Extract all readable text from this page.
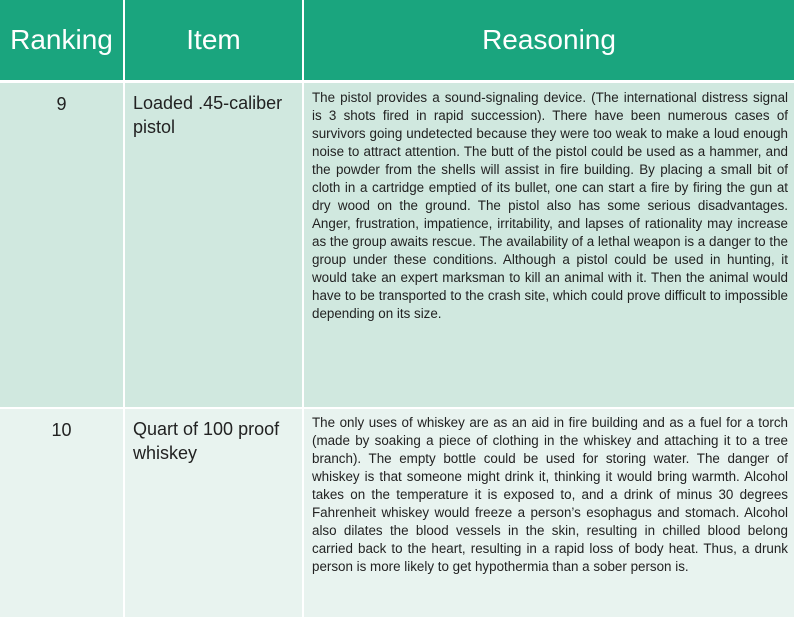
Ranking	Item	Reasoning
9	Loaded .45-caliber pistol	The pistol provides a sound-signaling device. (The international distress signal is 3 shots fired in rapid succession). There have been numerous cases of survivors going undetected because they were too weak to make a loud enough noise to attract attention. The butt of the pistol could be used as a hammer, and the powder from the shells will assist in fire building. By placing a small bit of cloth in a cartridge emptied of its bullet, one can start a fire by firing the gun at dry wood on the ground. The pistol also has some serious disadvantages. Anger, frustration, impatience, irritability, and lapses of rationality may increase as the group awaits rescue. The availability of a lethal weapon is a danger to the group under these conditions. Although a pistol could be used in hunting, it would take an expert marksman to kill an animal with it. Then the animal would have to be transported to the crash site, which could prove difficult to impossible depending on its size.
10	Quart of 100 proof whiskey	The only uses of whiskey are as an aid in fire building and as a fuel for a torch (made by soaking a piece of clothing in the whiskey and attaching it to a tree branch). The empty bottle could be used for storing water. The danger of whiskey is that someone might drink it, thinking it would bring warmth. Alcohol takes on the temperature it is exposed to, and a drink of minus 30 degrees Fahrenheit whiskey would freeze a person’s esophagus and stomach. Alcohol also dilates the blood vessels in the skin, resulting in chilled blood belong carried back to the heart, resulting in a rapid loss of body heat. Thus, a drunk person is more likely to get hypothermia than a sober person is.
